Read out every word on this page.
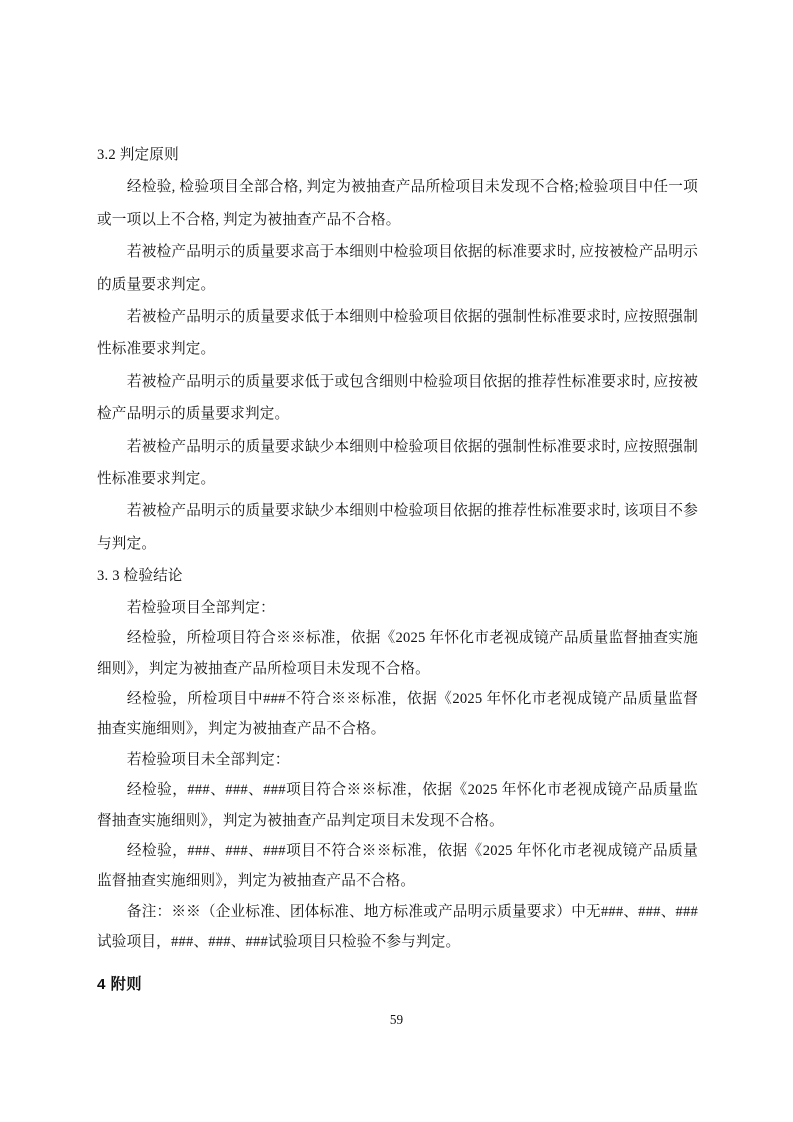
3.2 判定原则

经检验, 检验项目全部合格, 判定为被抽查产品所检项目未发现不合格;检验项目中任一项或一项以上不合格, 判定为被抽查产品不合格。

若被检产品明示的质量要求高于本细则中检验项目依据的标准要求时, 应按被检产品明示的质量要求判定。

若被检产品明示的质量要求低于本细则中检验项目依据的强制性标准要求时, 应按照强制性标准要求判定。

若被检产品明示的质量要求低于或包含细则中检验项目依据的推荐性标准要求时, 应按被检产品明示的质量要求判定。

若被检产品明示的质量要求缺少本细则中检验项目依据的强制性标准要求时, 应按照强制性标准要求判定。

若被检产品明示的质量要求缺少本细则中检验项目依据的推荐性标准要求时, 该项目不参与判定。

3. 3 检验结论

若检验项目全部判定：

经检验，所检项目符合※※标准，依据《2025 年怀化市老视成镜产品质量监督抽查实施细则》，判定为被抽查产品所检项目未发现不合格。

经检验，所检项目中###不符合※※标准，依据《2025 年怀化市老视成镜产品质量监督抽查实施细则》，判定为被抽查产品不合格。

若检验项目未全部判定：

经检验，###、###、###项目符合※※标准，依据《2025 年怀化市老视成镜产品质量监督抽查实施细则》，判定为被抽查产品判定项目未发现不合格。

经检验，###、###、###项目不符合※※标准，依据《2025 年怀化市老视成镜产品质量监督抽查实施细则》，判定为被抽查产品不合格。

备注：※※（企业标准、团体标准、地方标准或产品明示质量要求）中无###、###、###试验项目，###、###、###试验项目只检验不参与判定。

4 附则

59
